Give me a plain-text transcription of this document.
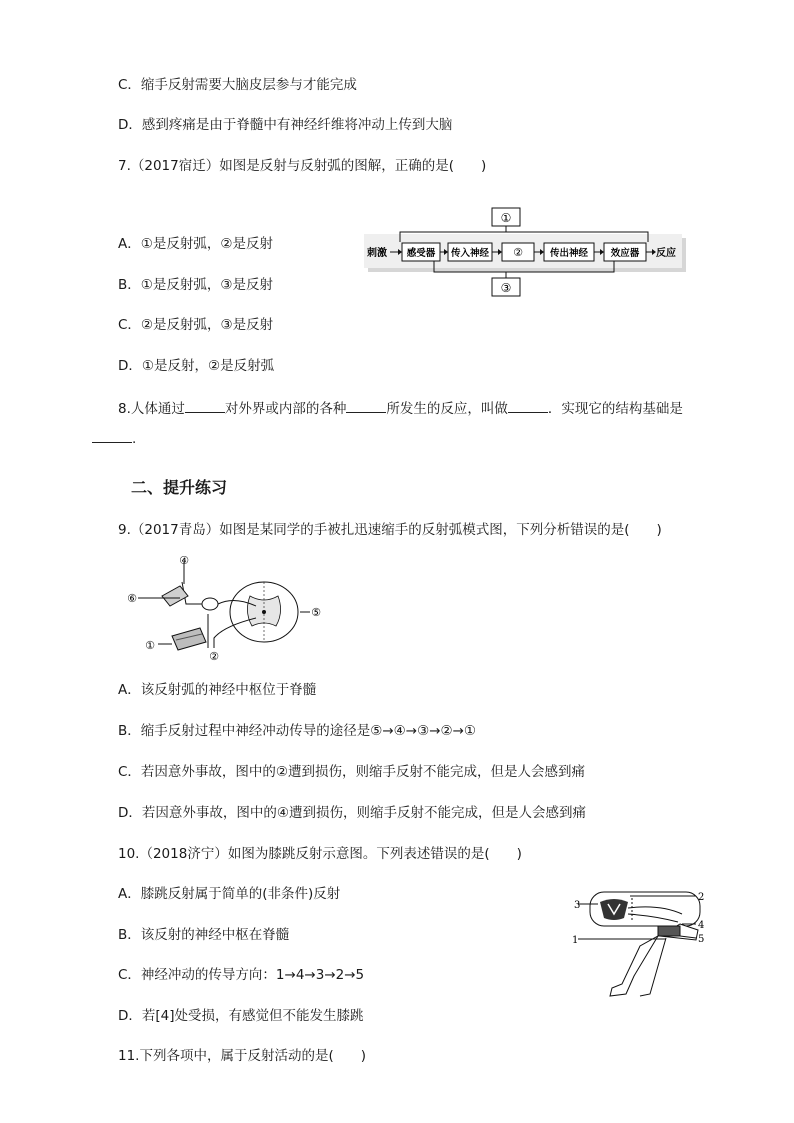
C．缩手反射需要大脑皮层参与才能完成
D．感到疼痛是由于脊髓中有神经纤维将冲动上传到大脑
7.（2017宿迁）如图是反射与反射弧的图解，正确的是(　　)
A．①是反射弧，②是反射
B．①是反射弧，③是反射
C．②是反射弧，③是反射
D．①是反射，②是反射弧
①
③
刺激 感受器 传入神经 ②	传出神经 效应器 反应
8.人体通过	对外界或内部的各种	所发生的反应，叫做	．实现它的结构基础是
.
二、提升练习
9.（2017青岛）如图是某同学的手被扎迅速缩手的反射弧模式图，下列分析错误的是(　　)
④
⑥
⑤
①
②
A．该反射弧的神经中枢位于脊髓
B．缩手反射过程中神经冲动传导的途径是⑤→④→③→②→①
C．若因意外事故，图中的②遭到损伤，则缩手反射不能完成，但是人会感到痛
D．若因意外事故，图中的④遭到损伤，则缩手反射不能完成，但是人会感到痛
10.（2018济宁）如图为膝跳反射示意图。下列表述错误的是(　　)
A．膝跳反射属于简单的(非条件)反射
B．该反射的神经中枢在脊髓
C．神经冲动的传导方向：1→4→3→2→5
D．若[4]处受损，有感觉但不能发生膝跳
3
2
4
1	5
11.下列各项中，属于反射活动的是(　　)
